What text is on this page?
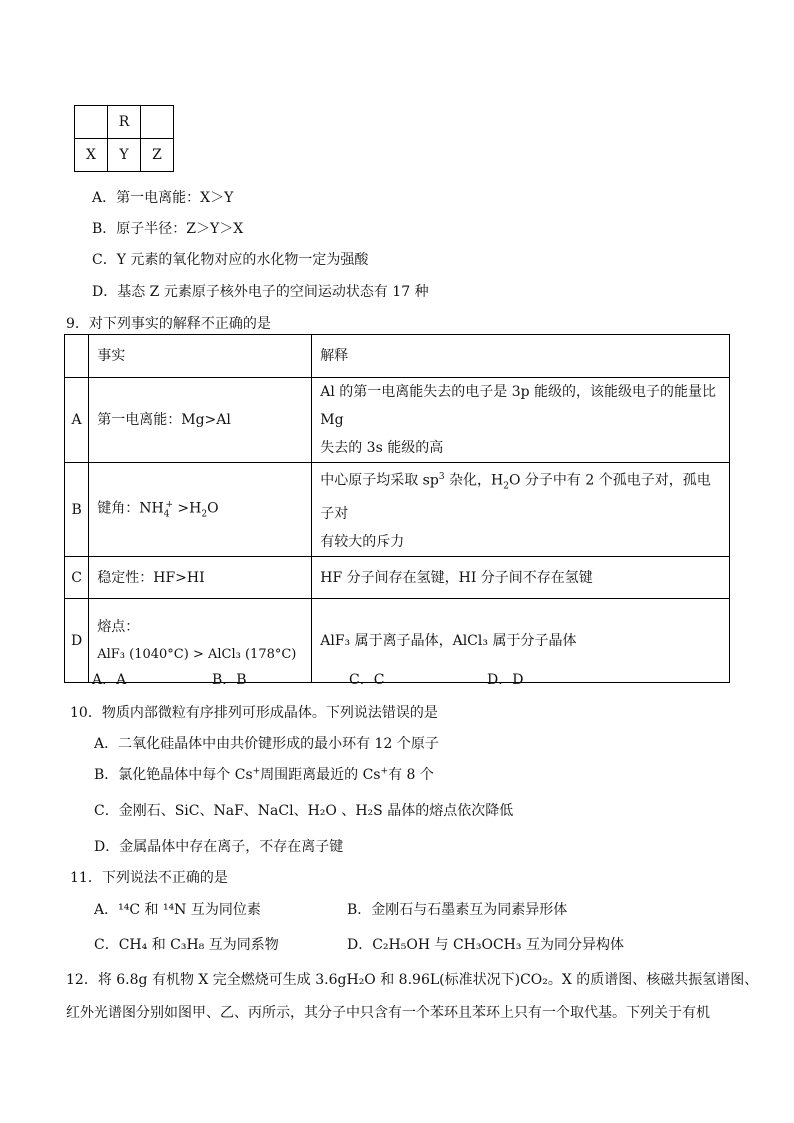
	R	
X	Y	Z
A．第一电离能：X＞Y
B．原子半径：Z＞Y＞X
C．Y 元素的氧化物对应的水化物一定为强酸
D．基态 Z 元素原子核外电子的空间运动状态有 17 种
9．对下列事实的解释不正确的是
	事实	解释
A	第一电离能：Mg>Al	Al 的第一电离能失去的电子是 3p 能级的，该能级电子的能量比 Mg
失去的 3s 能级的高

B	键角：$NH_4^+ >H_2O$	中心原子均采取 $sp^3$ 杂化，$H_2O$ 分子中有 2 个孤电子对，孤电子对
有较大的斥力

C	稳定性：HF>HI	HF 分子间存在氢键，HI 分子间不存在氢键
D	熔点：
AlF₃ (1040°C) > AlCl₃ (178°C)	AlF₃ 属于离子晶体，AlCl₃ 属于分子晶体
A．A	B．B	C．C	D．D
10．物质内部微粒有序排列可形成晶体。下列说法错误的是
A．二氧化硅晶体中由共价键形成的最小环有 12 个原子
B．氯化铯晶体中每个 Cs+周围距离最近的 Cs+有 8 个
C．金刚石、SiC、NaF、NaCl、H₂O 、H₂S 晶体的熔点依次降低
D．金属晶体中存在离子，不存在离子键
11．下列说法不正确的是
A．¹⁴C 和 ¹⁴N 互为同位素	B．金刚石与石墨素互为同素异形体
C．CH₄ 和 C₃H₈ 互为同系物	D．C₂H₅OH 与 CH₃OCH₃ 互为同分异构体
12．将 6.8g 有机物 X 完全燃烧可生成 3.6gH₂O 和 8.96L(标准状况下)CO₂。X 的质谱图、核磁共振氢谱图、
红外光谱图分别如图甲、乙、丙所示，其分子中只含有一个苯环且苯环上只有一个取代基。下列关于有机
